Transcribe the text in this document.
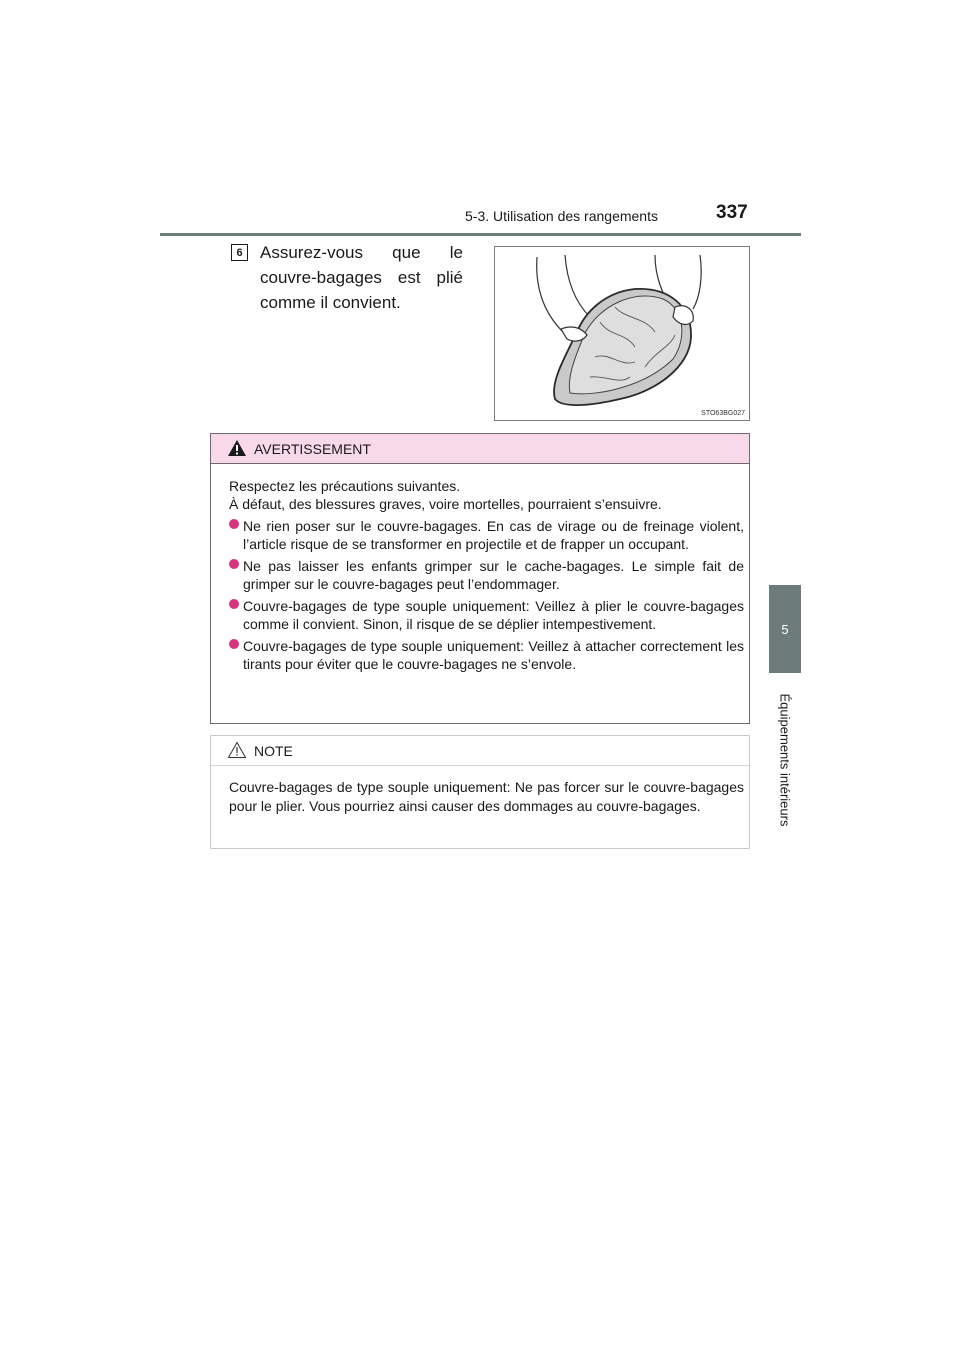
5-3. Utilisation des rangements	337
5
Équipements intérieurs
6 Assurez-vous que le couvre-bagages est plié comme il convient.
STO63BG027
AVERTISSEMENT

Respectez les précautions suivantes.

À défaut, des blessures graves, voire mortelles, pourraient s’ensuivre.

Ne rien poser sur le couvre-bagages. En cas de virage ou de freinage violent, l’article risque de se transformer en projectile et de frapper un occupant.
Ne pas laisser les enfants grimper sur le cache-bagages. Le simple fait de grimper sur le couvre-bagages peut l’endommager.
Couvre-bagages de type souple uniquement: Veillez à plier le couvre-bagages comme il convient. Sinon, il risque de se déplier intempestivement.
Couvre-bagages de type souple uniquement: Veillez à attacher correctement les tirants pour éviter que le couvre-bagages ne s’envole.
NOTE
Couvre-bagages de type souple uniquement: Ne pas forcer sur le couvre-bagages pour le plier. Vous pourriez ainsi causer des dommages au couvre-bagages.
